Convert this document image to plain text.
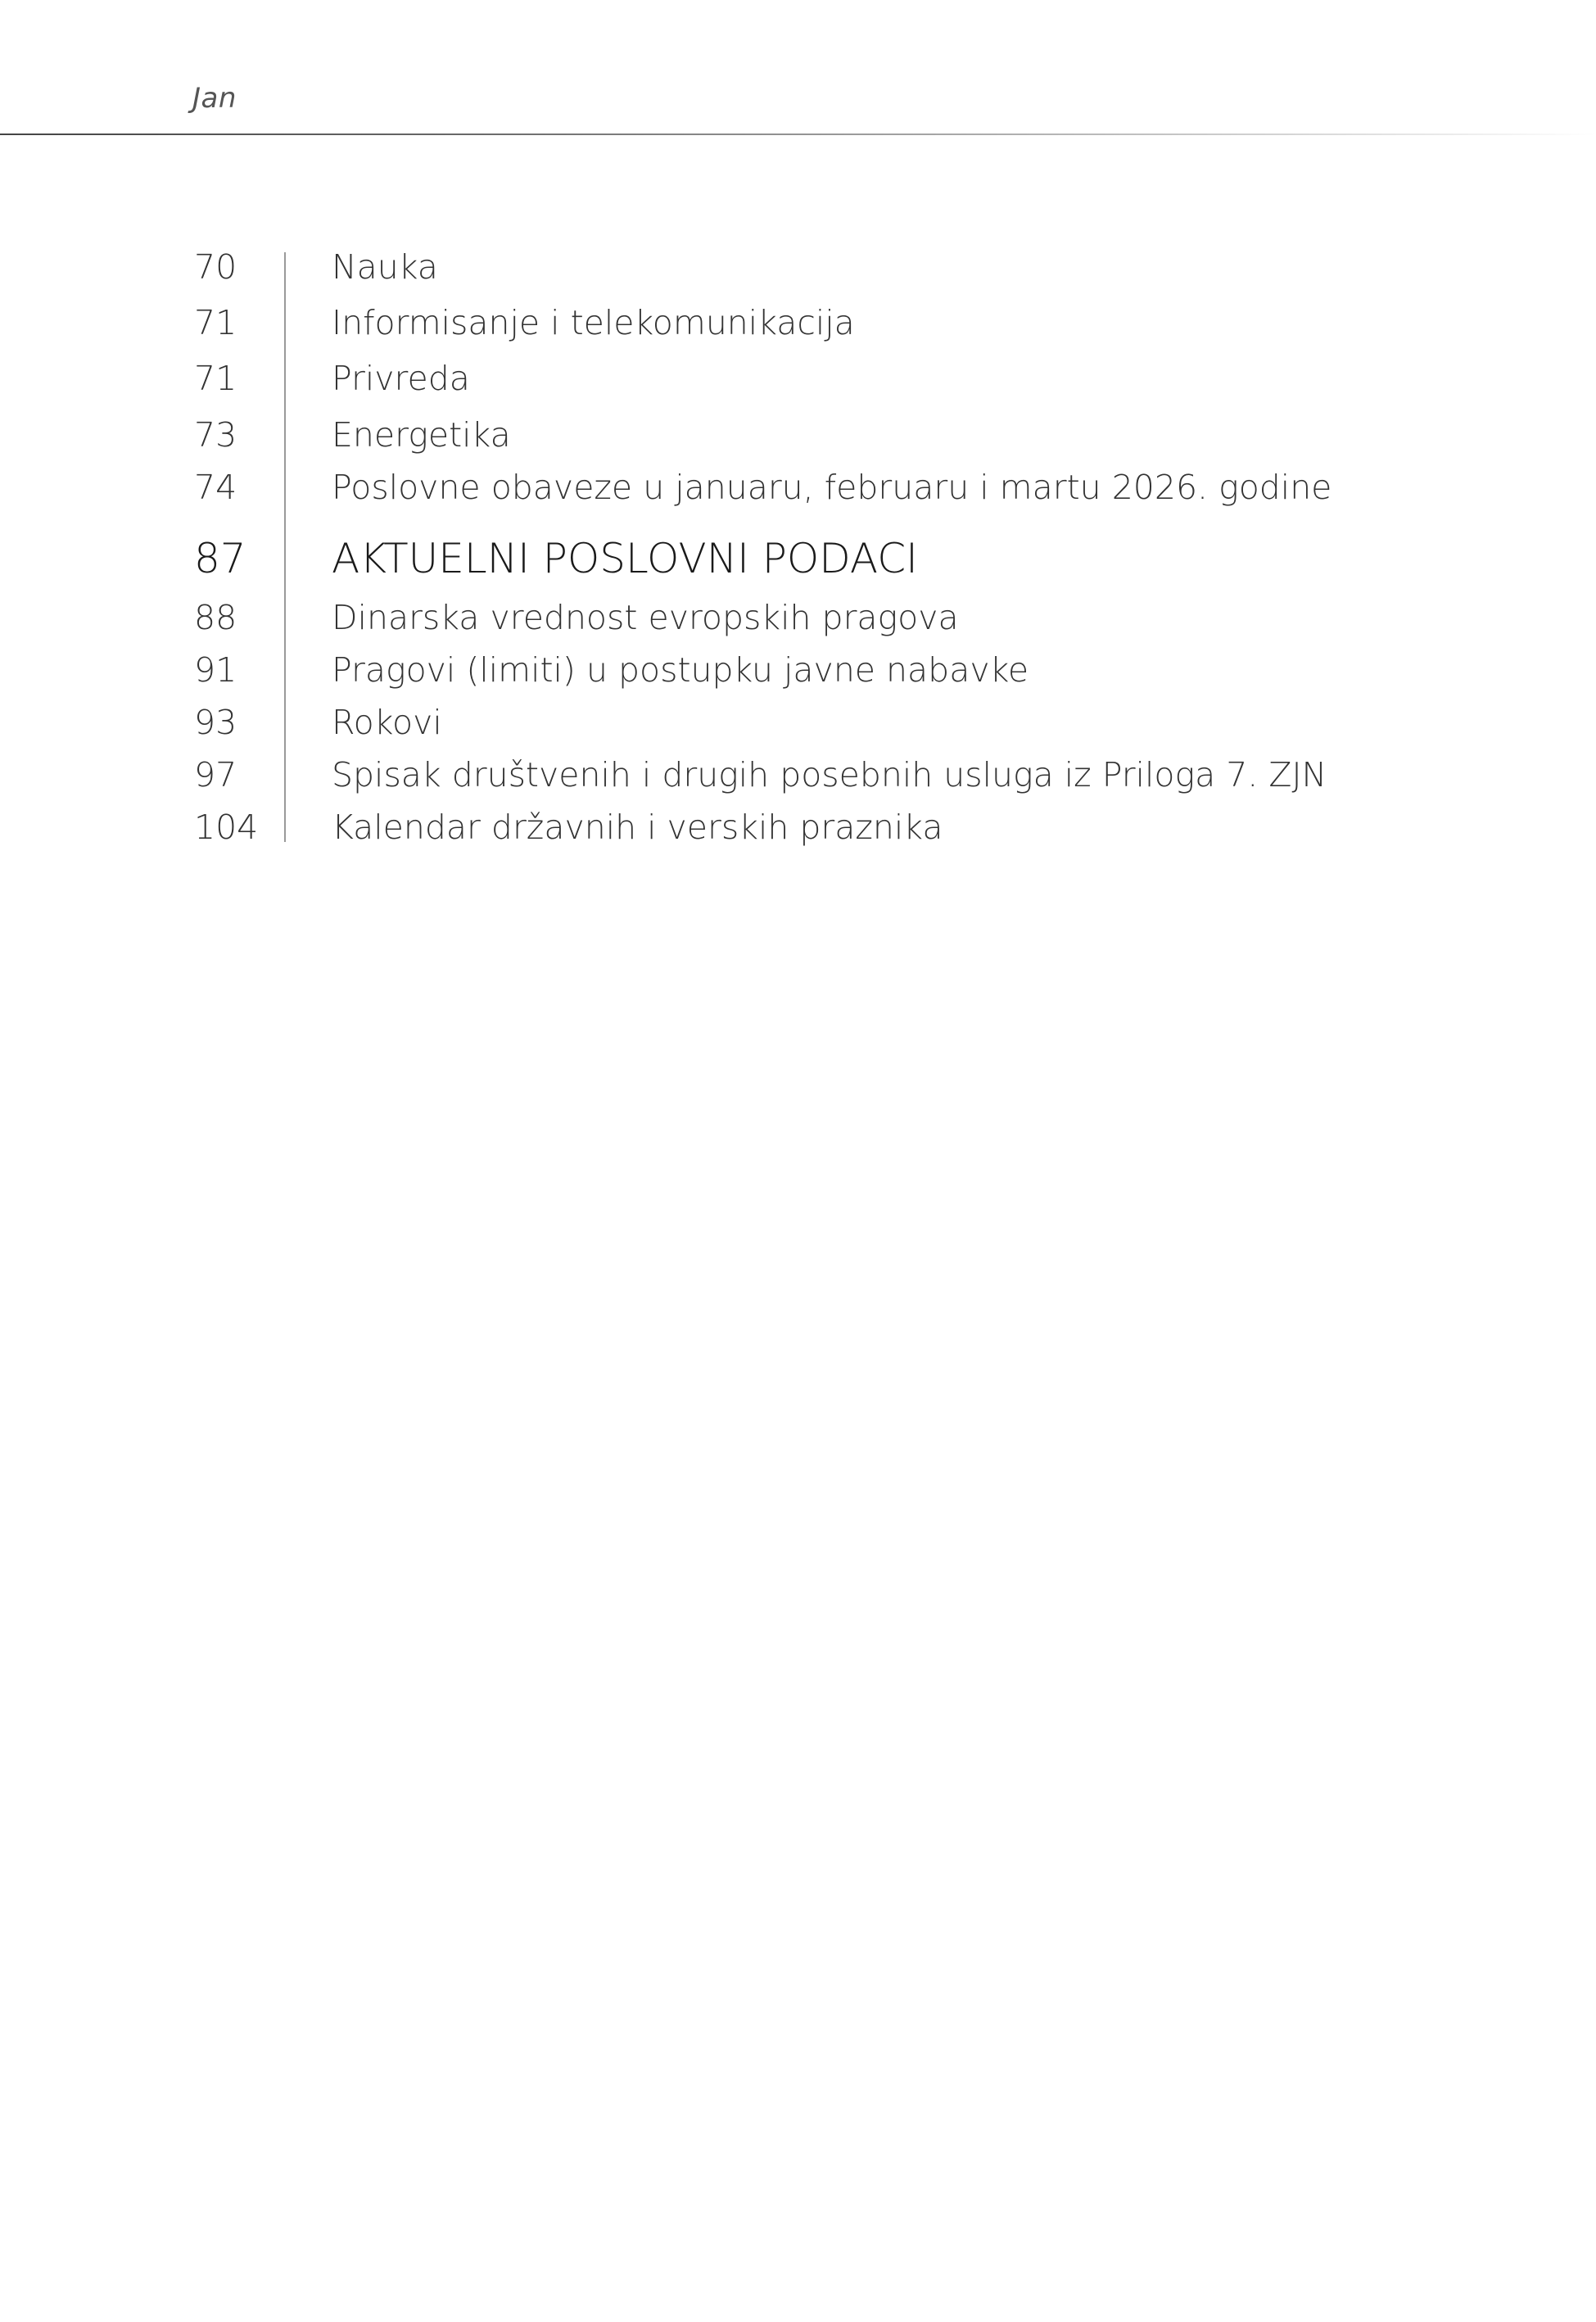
Jan
70	Nauka
71	Informisanje i telekomunikacija
71	Privreda
73	Energetika
74	Poslovne obaveze u januaru, februaru i martu 2026. godine
87 AKTUELNI POSLOVNI PODACI
88	Dinarska vrednost evropskih pragova
91	Pragovi (limiti) u postupku javne nabavke
93	Rokovi
97	Spisak društvenih i drugih posebnih usluga iz Priloga 7. ZJN
104 Kalendar državnih i verskih praznika
